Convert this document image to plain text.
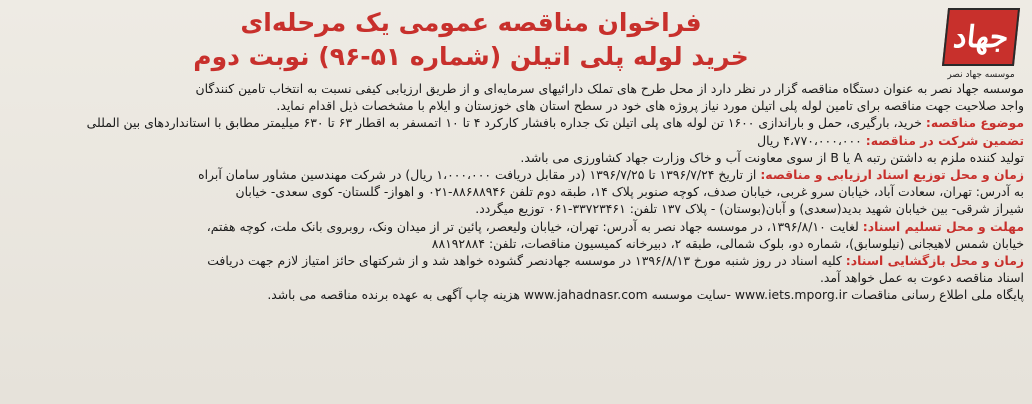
جهاد
موسسه جهاد نصر
فراخوان مناقصه عمومی یک مرحله‌ای
خرید لوله پلی اتیلن (شماره ۵۱-۹۶) نوبت دوم

موسسه جهاد نصر به عنوان دستگاه مناقصه گزار در نظر دارد از محل طرح های تملک دارائیهای سرمایه‌ای و از طریق ارزیابی کیفی نسبت به انتخاب تامین کنندگان

واجد صلاحیت جهت مناقصه برای تامین لوله پلی اتیلن مورد نیاز پروژه های خود در سطح استان های خوزستان و ایلام با مشخصات ذیل اقدام نماید.

موضوع مناقصه: خرید، بارگیری، حمل و باراندازی ۱۶۰۰ تن لوله های پلی اتیلن تک جداره بافشار کارکرد ۴ تا ۱۰ اتمسفر به اقطار ۶۳ تا ۶۳۰ میلیمتر مطابق با استانداردهای بین المللی

تضمین شرکت در مناقصه: ۴،۷۷۰،۰۰۰،۰۰۰ ریال

تولید کننده ملزم به داشتن رتبه A یا B از سوی معاونت آب و خاک وزارت جهاد کشاورزی می باشد.

زمان و محل توزیع اسناد ارزیابی و مناقصه: از تاریخ ۱۳۹۶/۷/۲۴ تا ۱۳۹۶/۷/۲۵ (در مقابل دریافت ۱،۰۰۰،۰۰۰ ریال) در شرکت مهندسین مشاور سامان آبراه

به آدرس: تهران، سعادت آباد، خیابان سرو غربی، خیابان صدف، کوچه صنوبر پلاک ۱۴، طبقه دوم تلفن ۸۸۶۸۸۹۴۶-۰۲۱ و اهواز- گلستان- کوی سعدی- خیابان

شیراز شرقی- بین خیابان شهید بدید(سعدی) و آبان(بوستان) - پلاک ۱۳۷ تلفن: ۳۳۷۲۳۴۶۱-۰۶۱ توزیع میگردد.

مهلت و محل تسلیم اسناد: لغایت ۱۳۹۶/۸/۱۰، در موسسه جهاد نصر به آدرس: تهران، خیابان ولیعصر، پائین تر از میدان ونک، روبروی بانک ملت، کوچه هفتم،

خیابان شمس لاهیجانی (نیلوسابق)، شماره دو، بلوک شمالی، طبقه ۲، دبیرخانه کمیسیون مناقصات، تلفن: ۸۸۱۹۲۸۸۴

زمان و محل بازگشایی اسناد: کلیه اسناد در روز شنبه مورخ ۱۳۹۶/۸/۱۳ در موسسه جهادنصر گشوده خواهد شد و از شرکتهای حائز امتیاز لازم جهت دریافت

اسناد مناقصه دعوت به عمل خواهد آمد.

پایگاه ملی اطلاع رسانی مناقصات www.iets.mporg.ir -سایت موسسه www.jahadnasr.com هزینه چاپ آگهی به عهده برنده مناقصه می باشد.
